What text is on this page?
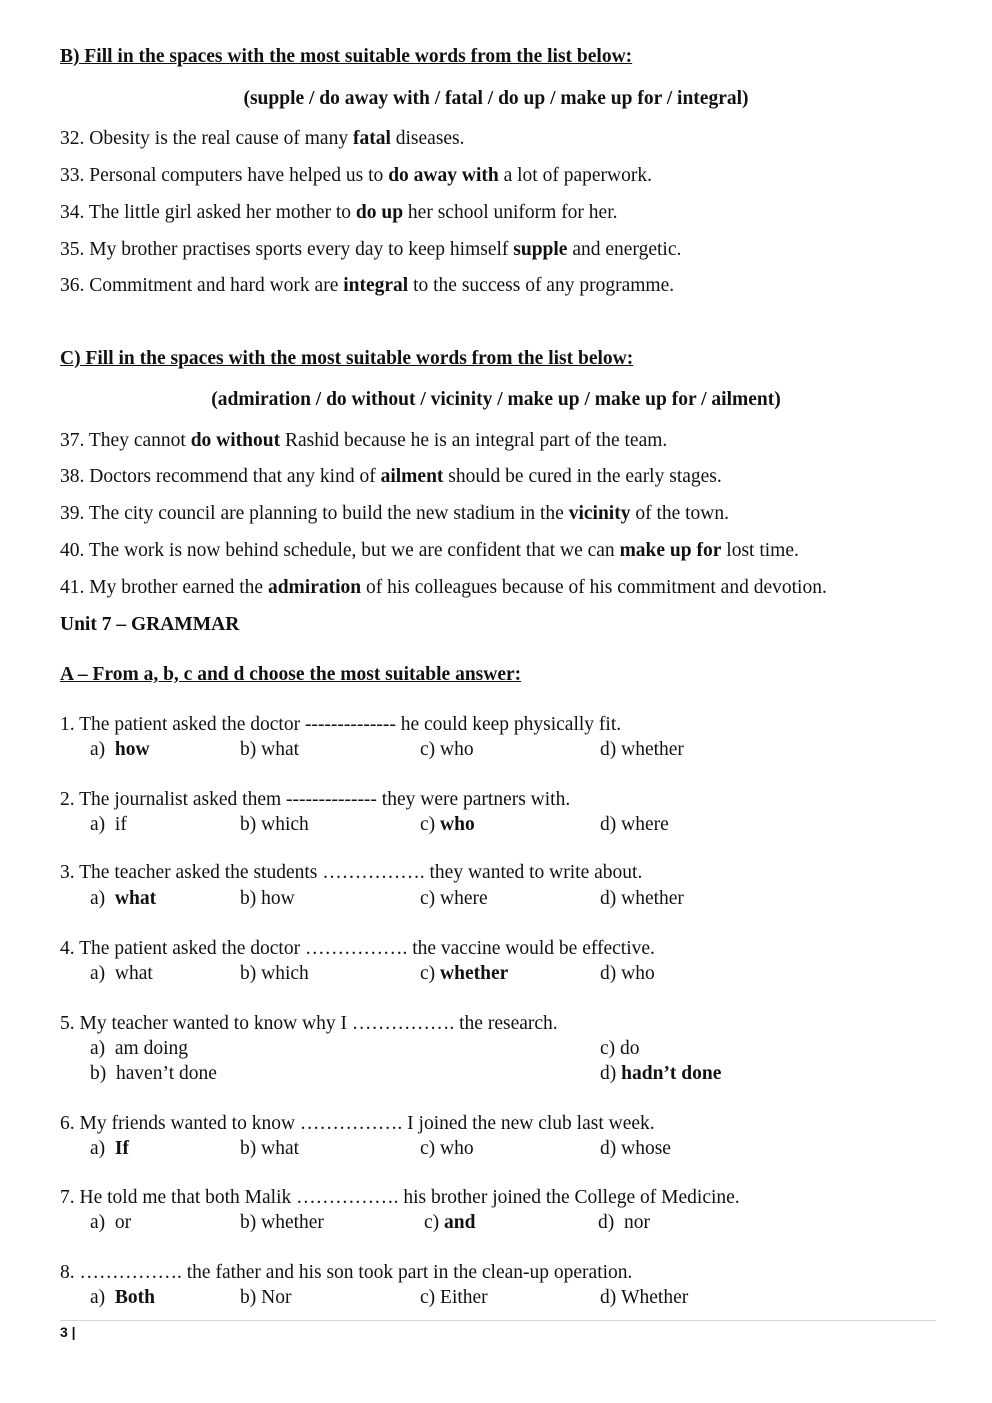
B) Fill in the spaces with the most suitable words from the list below:
(supple / do away with / fatal / do up / make up for / integral)
32. Obesity is the real cause of many fatal diseases.
33. Personal computers have helped us to do away with a lot of paperwork.
34. The little girl asked her mother to do up her school uniform for her.
35. My brother practises sports every day to keep himself supple and energetic.
36. Commitment and hard work are integral to the success of any programme.
C) Fill in the spaces with the most suitable words from the list below:
(admiration / do without / vicinity / make up / make up for / ailment)
37. They cannot do without Rashid because he is an integral part of the team.
38. Doctors recommend that any kind of ailment should be cured in the early stages.
39. The city council are planning to build the new stadium in the vicinity of the town.
40. The work is now behind schedule, but we are confident that we can make up for lost time.
41. My brother earned the admiration of his colleagues because of his commitment and devotion.
Unit 7 – GRAMMAR
A – From a, b, c and d choose the most suitable answer:
1. The patient asked the doctor -------------- he could keep physically fit.
a) how	b) what	c) who	d) whether
2. The journalist asked them -------------- they were partners with.
a) if	b) which	c) who	d) where
3. The teacher asked the students ……………. they wanted to write about.
a) what	b) how	c) where	d) whether
4. The patient asked the doctor ……………. the vaccine would be effective.
a) what	b) which	c) whether	d) who
5. My teacher wanted to know why I ……………. the research.
a) am doing	c) do
b) haven’t done	d) hadn’t done
6. My friends wanted to know ……………. I joined the new club last week.
a) If	b) what	c) who	d) whose
7. He told me that both Malik ……………. his brother joined the College of Medicine.
a) or	b) whether	c) and	d) nor
8. ……………. the father and his son took part in the clean-up operation.
a) Both	b) Nor	c) Either	d) Whether
3 |
